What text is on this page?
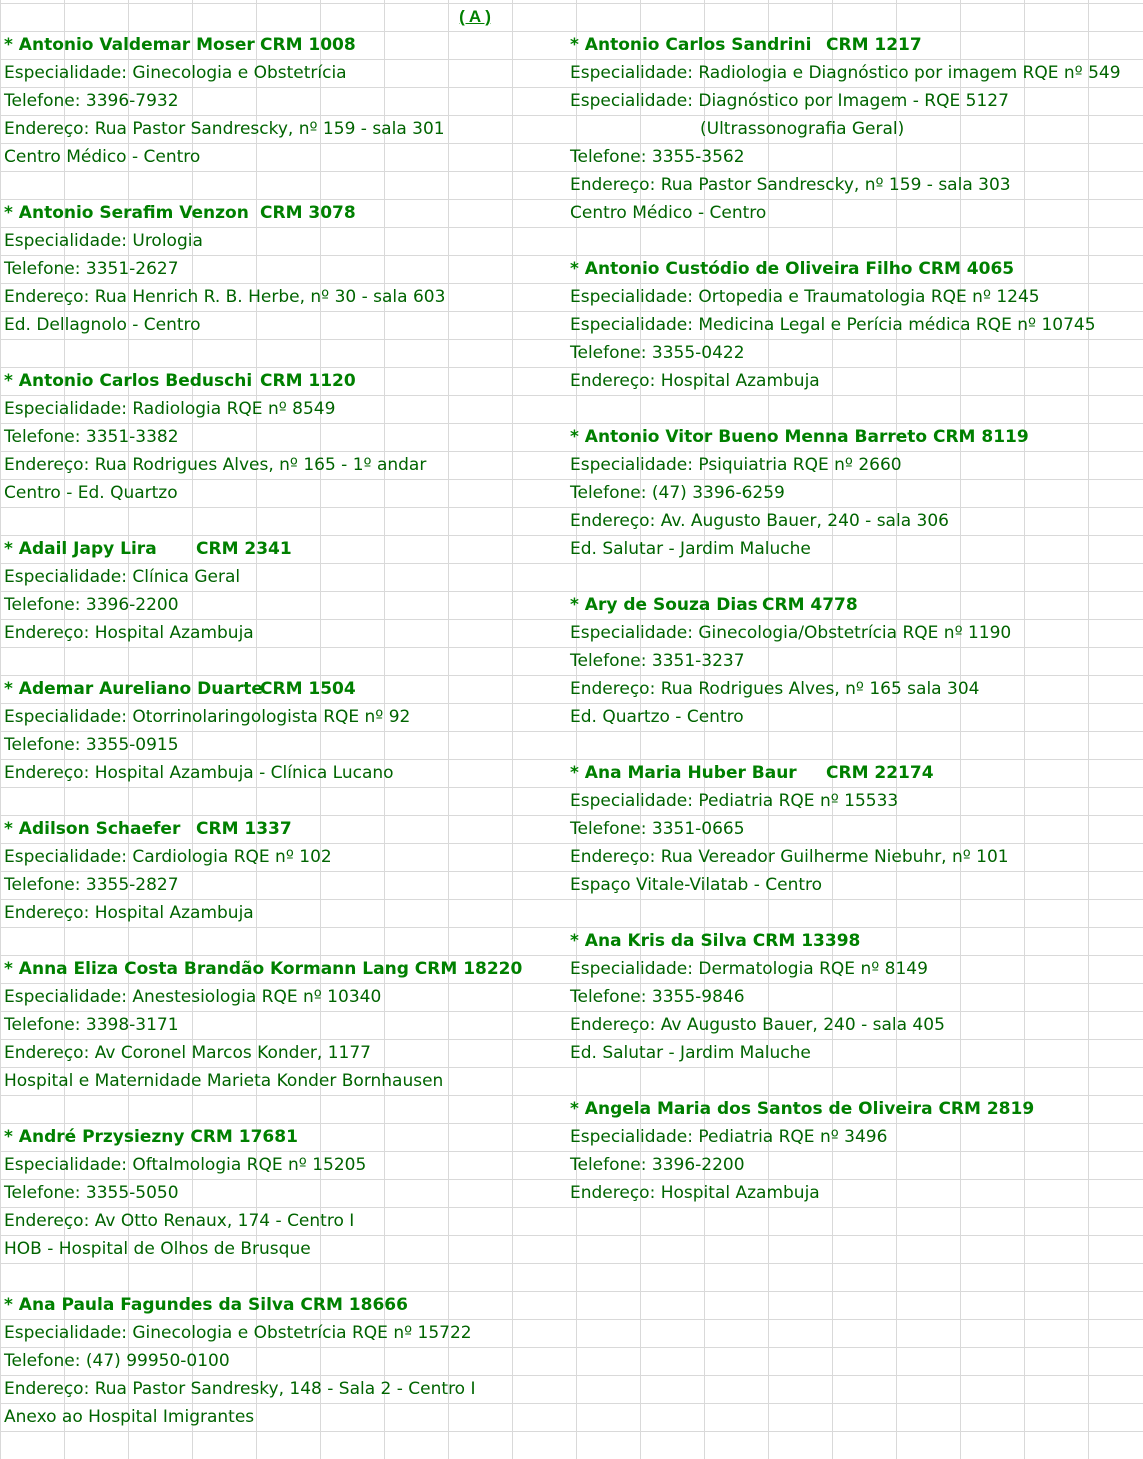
( A )
* Antonio Valdemar Moser CRM 1008
Especialidade: Ginecologia e Obstetrícia
Telefone: 3396-7932
Endereço: Rua Pastor Sandrescky, nº 159 - sala 301
Centro Médico - Centro
* Antonio Serafim Venzon CRM 3078
Especialidade: Urologia
Telefone: 3351-2627
Endereço: Rua Henrich R. B. Herbe, nº 30 - sala 603
Ed. Dellagnolo - Centro
* Antonio Carlos Beduschi CRM 1120
Especialidade: Radiologia RQE nº 8549
Telefone: 3351-3382
Endereço: Rua Rodrigues Alves, nº 165 - 1º andar
Centro - Ed. Quartzo
* Adail Japy Lira CRM 2341
Especialidade: Clínica Geral
Telefone: 3396-2200
Endereço: Hospital Azambuja
* Ademar Aureliano Duarte
CRM 1504
Especialidade: Otorrinolaringologista RQE nº 92
Telefone: 3355-0915
Endereço: Hospital Azambuja - Clínica Lucano
* Adilson Schaefer CRM 1337
Especialidade: Cardiologia RQE nº 102
Telefone: 3355-2827
Endereço: Hospital Azambuja
* Anna Eliza Costa Brandão Kormann Lang CRM 18220
Especialidade: Anestesiologia RQE nº 10340
Telefone: 3398-3171
Endereço: Av Coronel Marcos Konder, 1177
Hospital e Maternidade Marieta Konder Bornhausen
* André Przysiezny CRM 17681
Especialidade: Oftalmologia RQE nº 15205
Telefone: 3355-5050
Endereço: Av Otto Renaux, 174 - Centro I
HOB - Hospital de Olhos de Brusque
* Ana Paula Fagundes da Silva CRM 18666
Especialidade: Ginecologia e Obstetrícia RQE nº 15722
Telefone: (47) 99950-0100
Endereço: Rua Pastor Sandresky, 148 - Sala 2 - Centro I
Anexo ao Hospital Imigrantes
* Antonio Carlos Sandrini CRM 1217
Especialidade: Radiologia e Diagnóstico por imagem RQE nº 549
Especialidade: Diagnóstico por Imagem - RQE 5127
(Ultrassonografia Geral)
Telefone: 3355-3562
Endereço: Rua Pastor Sandrescky, nº 159 - sala 303
Centro Médico - Centro
* Antonio Custódio de Oliveira Filho CRM 4065
Especialidade: Ortopedia e Traumatologia RQE nº 1245
Especialidade: Medicina Legal e Perícia médica RQE nº 10745
Telefone: 3355-0422
Endereço: Hospital Azambuja
* Antonio Vitor Bueno Menna Barreto CRM 8119
Especialidade: Psiquiatria RQE nº 2660
Telefone: (47) 3396-6259
Endereço: Av. Augusto Bauer, 240 - sala 306
Ed. Salutar - Jardim Maluche
* Ary de Souza Dias CRM 4778
Especialidade: Ginecologia/Obstetrícia RQE nº 1190
Telefone: 3351-3237
Endereço: Rua Rodrigues Alves, nº 165 sala 304
Ed. Quartzo - Centro
* Ana Maria Huber Baur CRM 22174
Especialidade: Pediatria RQE nº 15533
Telefone: 3351-0665
Endereço: Rua Vereador Guilherme Niebuhr, nº 101
Espaço Vitale-Vilatab - Centro
* Ana Kris da Silva CRM 13398
Especialidade: Dermatologia RQE nº 8149
Telefone: 3355-9846
Endereço: Av Augusto Bauer, 240 - sala 405
Ed. Salutar - Jardim Maluche
* Angela Maria dos Santos de Oliveira CRM 2819
Especialidade: Pediatria RQE nº 3496
Telefone: 3396-2200
Endereço: Hospital Azambuja
